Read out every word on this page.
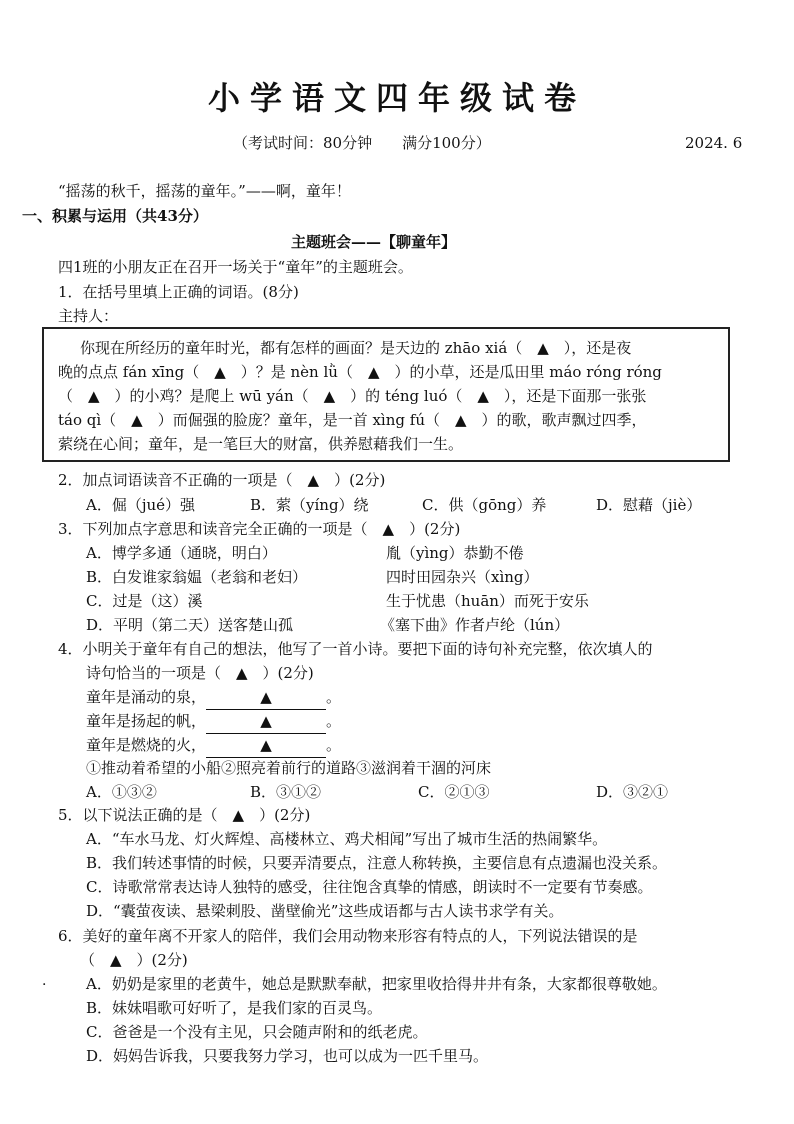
小学语文四年级试卷
（考试时间：80分钟　　满分100分）	2024. 6
“摇荡的秋千，摇荡的童年。”——啊，童年！
一、积累与运用（共43分）
主题班会——【聊童年】
四1班的小朋友正在召开一场关于“童年”的主题班会。
1．在括号里填上正确的词语。(8分)
主持人：
你现在所经历的童年时光，都有怎样的画面？是天边的 zhāo xiá（　▲　），还是夜
晚的点点 fán xīng（　▲　）？是 nèn lǜ（　▲　）的小草，还是瓜田里 máo róng róng
（　▲　）的小鸡？是爬上 wū yán（　▲　）的 téng luó（　▲　），还是下面那一张张
táo qì（　▲　）而倔强的脸庞？童年，是一首 xìng fú（　▲　）的歌，歌声飘过四季，
萦绕在心间；童年，是一笔巨大的财富，供养慰藉我们一生。
2．加点词语读音不正确的一项是（　▲　）(2分)
A．倔（jué）强	B．萦（yíng）绕	C．供（gōng）养	D．慰藉（jiè）
3．下列加点字意思和读音完全正确的一项是（　▲　）(2分)
A．博学多通（通晓，明白）	胤（yìng）恭勤不倦
B．白发谁家翁媪（老翁和老妇）	四时田园杂兴（xìng）
C．过是（这）溪	生于忧患（huān）而死于安乐
D．平明（第二天）送客楚山孤	《塞下曲》作者卢纶（lún）
4．小明关于童年有自己的想法，他写了一首小诗。要把下面的诗句补充完整，依次填人的
诗句恰当的一项是（　▲　）(2分)
童年是涌动的泉，	▲	。
童年是扬起的帆，	▲	。
童年是燃烧的火，	▲	。
①推动着希望的小船②照亮着前行的道路③滋润着干涸的河床
A．①③②	B．③①②	C．②①③	D．③②①
5．以下说法正确的是（　▲　）(2分)
A．“车水马龙、灯火辉煌、高楼林立、鸡犬相闻”写出了城市生活的热闹繁华。
B．我们转述事情的时候，只要弄清要点，注意人称转换，主要信息有点遗漏也没关系。
C．诗歌常常表达诗人独特的感受，往往饱含真挚的情感，朗读时不一定要有节奏感。
D．“囊萤夜读、悬梁刺股、凿壁偷光”这些成语都与古人读书求学有关。
6．美好的童年离不开家人的陪伴，我们会用动物来形容有特点的人，下列说法错误的是
（　▲　）(2分)
·	A．奶奶是家里的老黄牛，她总是默默奉献，把家里收拾得井井有条，大家都很尊敬她。
B．妹妹唱歌可好听了，是我们家的百灵鸟。
C．爸爸是一个没有主见，只会随声附和的纸老虎。
D．妈妈告诉我，只要我努力学习，也可以成为一匹千里马。
